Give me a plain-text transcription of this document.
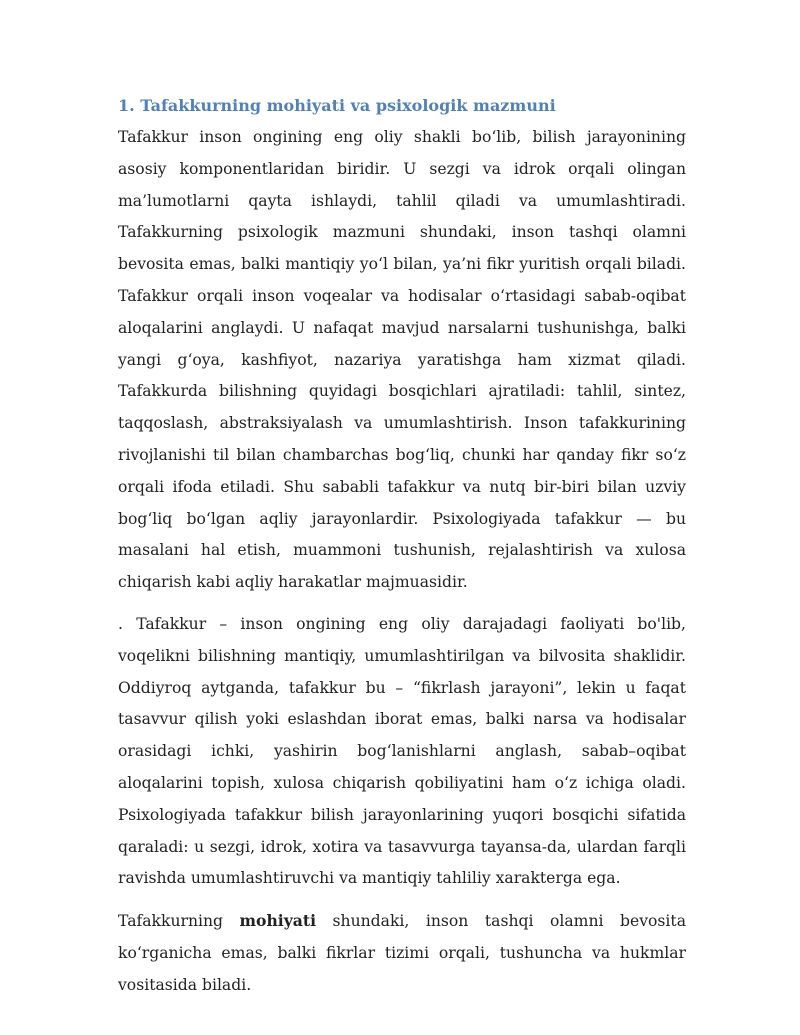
1. Tafakkurning mohiyati va psixologik mazmuni

Tafakkur inson ongining eng oliy shakli bo‘lib, bilish jarayonining asosiy komponentlaridan biridir. U sezgi va idrok orqali olingan ma’lumotlarni qayta ishlaydi, tahlil qiladi va umumlashtiradi. Tafakkurning psixologik mazmuni shundaki, inson tashqi olamni bevosita emas, balki mantiqiy yo‘l bilan, ya’ni fikr yuritish orqali biladi. Tafakkur orqali inson voqealar va hodisalar o‘rtasidagi sabab-oqibat aloqalarini anglaydi. U nafaqat mavjud narsalarni tushunishga, balki yangi g‘oya, kashfiyot, nazariya yaratishga ham xizmat qiladi. Tafakkurda bilishning quyidagi bosqichlari ajratiladi: tahlil, sintez, taqqoslash, abstraksiyalash va umumlashtirish. Inson tafakkurining rivojlanishi til bilan chambarchas bog‘liq, chunki har qanday fikr so‘z orqali ifoda etiladi. Shu sababli tafakkur va nutq bir-biri bilan uzviy bog‘liq bo‘lgan aqliy jarayonlardir. Psixologiyada tafakkur — bu masalani hal etish, muammoni tushunish, rejalashtirish va xulosa chiqarish kabi aqliy harakatlar majmuasidir.

. Tafakkur – inson ongining eng oliy darajadagi faoliyati bo'lib, voqelikni bilishning mantiqiy, umumlashtirilgan va bilvosita shaklidir. Oddiyroq aytganda, tafakkur bu – “fikrlash jarayoni”, lekin u faqat tasavvur qilish yoki eslashdan iborat emas, balki narsa va hodisalar orasidagi ichki, yashirin bog‘lanishlarni anglash, sabab–oqibat aloqalarini topish, xulosa chiqarish qobiliyatini ham o‘z ichiga oladi. Psixologiyada tafakkur bilish jarayonlarining yuqori bosqichi sifatida qaraladi: u sezgi, idrok, xotira va tasavvurga tayansa-da, ulardan farqli ravishda umumlashtiruvchi va mantiqiy tahliliy xarakterga ega.

Tafakkurning mohiyati shundaki, inson tashqi olamni bevosita ko‘rganicha emas, balki fikrlar tizimi orqali, tushuncha va hukmlar vositasida biladi.
